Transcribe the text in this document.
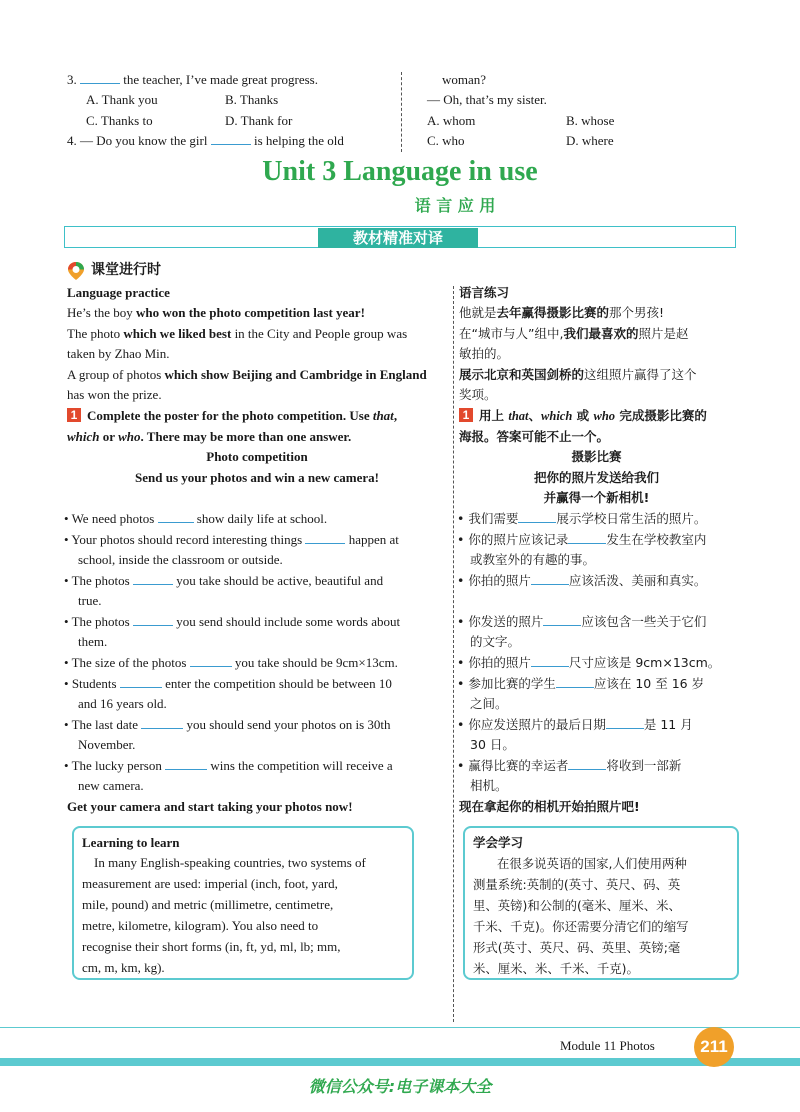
3.	the teacher, I’ve made great progress.
A. Thank you	B. Thanks
C. Thanks to	D. Thank for
4. — Do you know the girl	is helping the old
woman?
— Oh, that’s my sister.
A. whom	B. whose
C. who	D. where
Unit 3 Language in use
语 言 应 用
教材精准对译
课堂进行时
Language practice
He’s the boy who won the photo competition last year!
The photo which we liked best in the City and People group was
taken by Zhao Min.
A group of photos which show Beijing and Cambridge in England
has won the prize.
1 Complete the poster for the photo competition. Use that,
which or who. There may be more than one answer.
Photo competition
Send us your photos and win a new camera!
• We need photos	show daily life at school.
• Your photos should record interesting things	happen at
school, inside the classroom or outside.
• The photos	you take should be active, beautiful and
true.
• The photos	you send should include some words about
them.
• The size of the photos	you take should be 9cm×13cm.
• Students	enter the competition should be between 10
and 16 years old.
• The last date	you should send your photos on is 30th
November.
• The lucky person	wins the competition will receive a
new camera.
Get your camera and start taking your photos now!
语言练习
他就是去年赢得摄影比赛的那个男孩!
在“城市与人”组中,我们最喜欢的照片是赵
敏拍的。
展示北京和英国剑桥的这组照片赢得了这个
奖项。
1 用上 that、which 或 who 完成摄影比赛的
海报。答案可能不止一个。
摄影比赛
把你的照片发送给我们
并赢得一个新相机!
• 我们需要	展示学校日常生活的照片。
• 你的照片应该记录	发生在学校教室内
或教室外的有趣的事。
• 你拍的照片	应该活泼、美丽和真实。
• 你发送的照片	应该包含一些关于它们
的文字。
• 你拍的照片	尺寸应该是 9cm×13cm。
• 参加比赛的学生	应该在 10 至 16 岁
之间。
• 你应发送照片的最后日期	是 11 月
30 日。
• 赢得比赛的幸运者	将收到一部新
相机。
现在拿起你的相机开始拍照片吧!
Learning to learn
In many English-speaking countries, two systems of
measurement are used: imperial (inch, foot, yard,
mile, pound) and metric (millimetre, centimetre,
metre, kilometre, kilogram). You also need to
recognise their short forms (in, ft, yd, ml, lb; mm,
cm, m, km, kg).
学会学习
在很多说英语的国家,人们使用两种
测量系统:英制的(英寸、英尺、码、英
里、英镑)和公制的(毫米、厘米、米、
千米、千克)。你还需要分清它们的缩写
形式(英寸、英尺、码、英里、英镑;毫
米、厘米、米、千米、千克)。
Module 11 Photos	211
微信公众号:电子课本大全
